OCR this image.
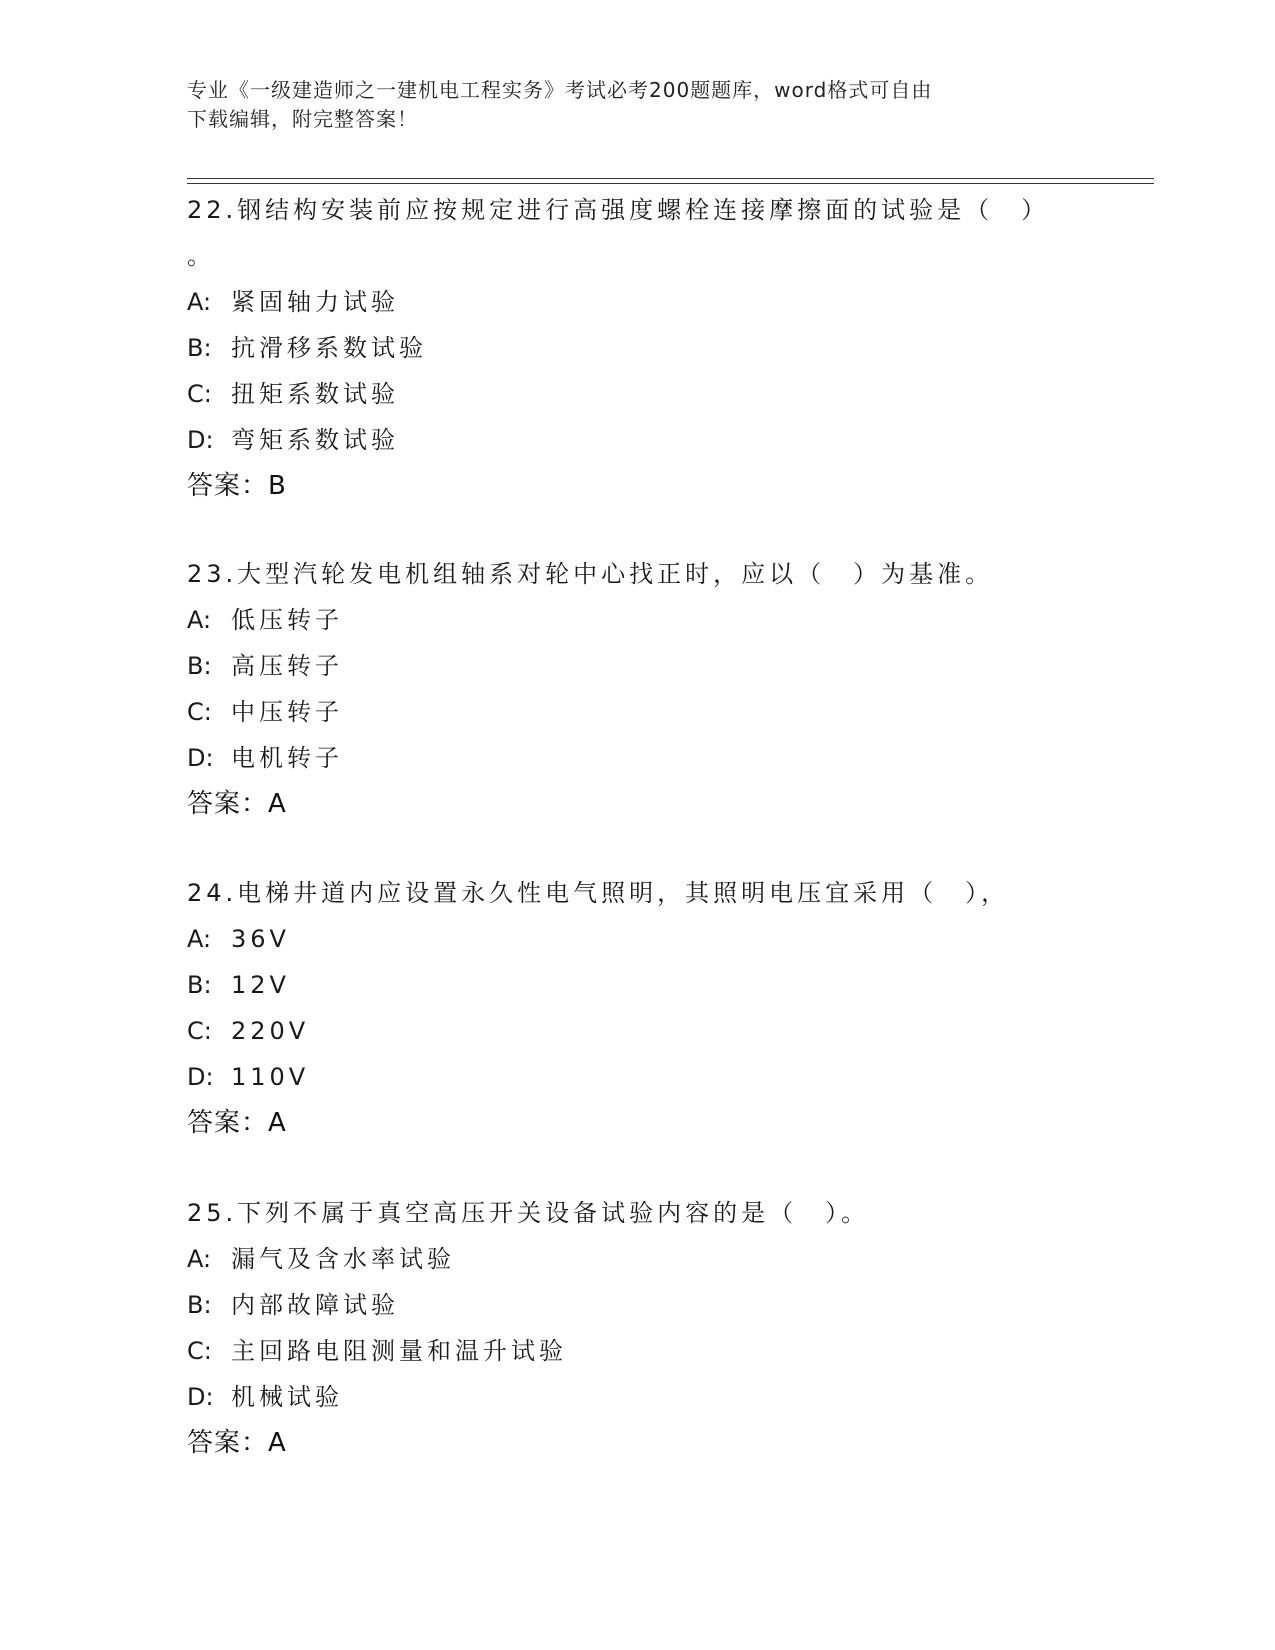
专业《一级建造师之一建机电工程实务》考试必考200题题库，word格式可自由
下载编辑，附完整答案！

22.钢结构安装前应按规定进行高强度螺栓连接摩擦面的试验是（　）

。

A: 紧固轴力试验

B: 抗滑移系数试验

C: 扭矩系数试验

D: 弯矩系数试验

答案：B

23.大型汽轮发电机组轴系对轮中心找正时，应以（　）为基准。

A: 低压转子

B: 高压转子

C: 中压转子

D: 电机转子

答案：A

24.电梯井道内应设置永久性电气照明，其照明电压宜采用（　），

A: 36V

B: 12V

C: 220V

D: 110V

答案：A

25.下列不属于真空高压开关设备试验内容的是（　）。

A: 漏气及含水率试验

B: 内部故障试验

C: 主回路电阻测量和温升试验

D: 机械试验

答案：A
